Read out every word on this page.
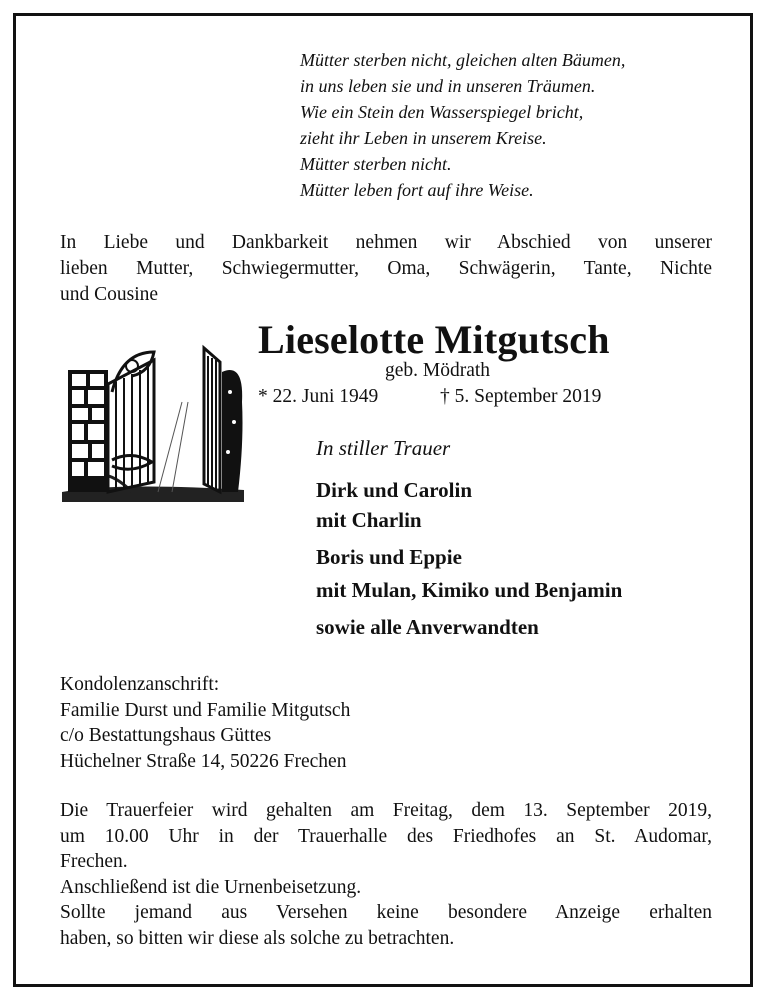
Mütter sterben nicht, gleichen alten Bäumen,
in uns leben sie und in unseren Träumen.
Wie ein Stein den Wasserspiegel bricht,
zieht ihr Leben in unserem Kreise.
Mütter sterben nicht.
Mütter leben fort auf ihre Weise.
In Liebe und Dankbarkeit nehmen wir Abschied von unserer
lieben Mutter, Schwiegermutter, Oma, Schwägerin, Tante, Nichte
und Cousine
Lieselotte Mitgutsch
geb. Mödrath
* 22. Juni 1949	† 5. September 2019
In stiller Trauer
Dirk und Carolin
mit Charlin
Boris und Eppie
mit Mulan, Kimiko und Benjamin
sowie alle Anverwandten
Kondolenzanschrift:
Familie Durst und Familie Mitgutsch
c/o Bestattungshaus Güttes
Hüchelner Straße 14, 50226 Frechen
Die Trauerfeier wird gehalten am Freitag, dem 13. September 2019,
um 10.00 Uhr in der Trauerhalle des Friedhofes an St. Audomar,
Frechen.
Anschließend ist die Urnenbeisetzung.
Sollte jemand aus Versehen keine besondere Anzeige erhalten
haben, so bitten wir diese als solche zu betrachten.
